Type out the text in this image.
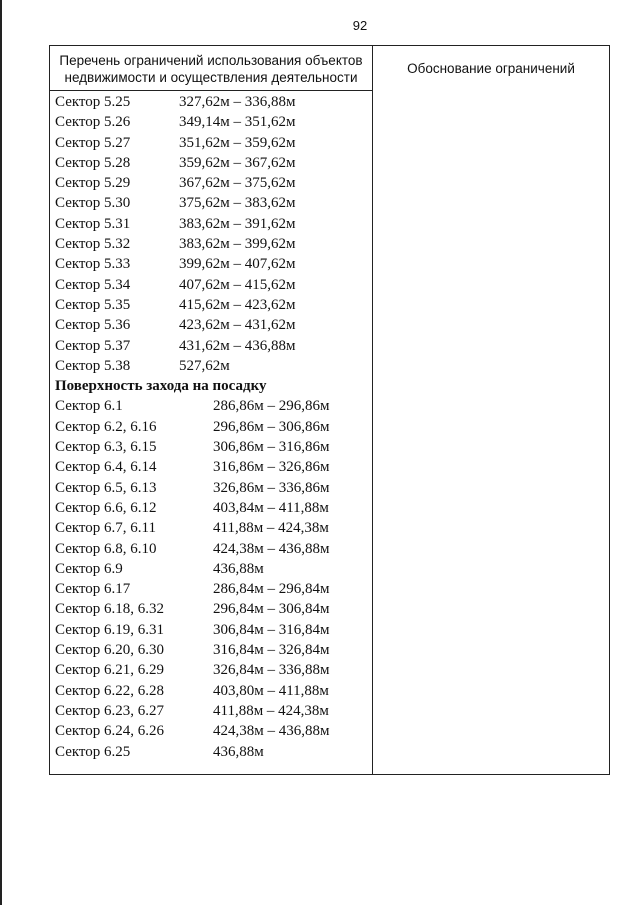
92
Перечень ограничений использования объектов
недвижимости и осуществления деятельности
Обоснование ограничений
Сектор 5.25	327,62м – 336,88м
Сектор 5.26	349,14м – 351,62м
Сектор 5.27	351,62м – 359,62м
Сектор 5.28	359,62м – 367,62м
Сектор 5.29	367,62м – 375,62м
Сектор 5.30	375,62м – 383,62м
Сектор 5.31	383,62м – 391,62м
Сектор 5.32	383,62м – 399,62м
Сектор 5.33	399,62м – 407,62м
Сектор 5.34	407,62м – 415,62м
Сектор 5.35	415,62м – 423,62м
Сектор 5.36	423,62м – 431,62м
Сектор 5.37	431,62м – 436,88м
Сектор 5.38	527,62м
Поверхность захода на посадку
Сектор 6.1	286,86м – 296,86м
Сектор 6.2, 6.16	296,86м – 306,86м
Сектор 6.3, 6.15	306,86м – 316,86м
Сектор 6.4, 6.14	316,86м – 326,86м
Сектор 6.5, 6.13	326,86м – 336,86м
Сектор 6.6, 6.12	403,84м – 411,88м
Сектор 6.7, 6.11	411,88м – 424,38м
Сектор 6.8, 6.10	424,38м – 436,88м
Сектор 6.9	436,88м
Сектор 6.17	286,84м – 296,84м
Сектор 6.18, 6.32	296,84м – 306,84м
Сектор 6.19, 6.31	306,84м – 316,84м
Сектор 6.20, 6.30	316,84м – 326,84м
Сектор 6.21, 6.29	326,84м – 336,88м
Сектор 6.22, 6.28	403,80м – 411,88м
Сектор 6.23, 6.27	411,88м – 424,38м
Сектор 6.24, 6.26	424,38м – 436,88м
Сектор 6.25	436,88м
